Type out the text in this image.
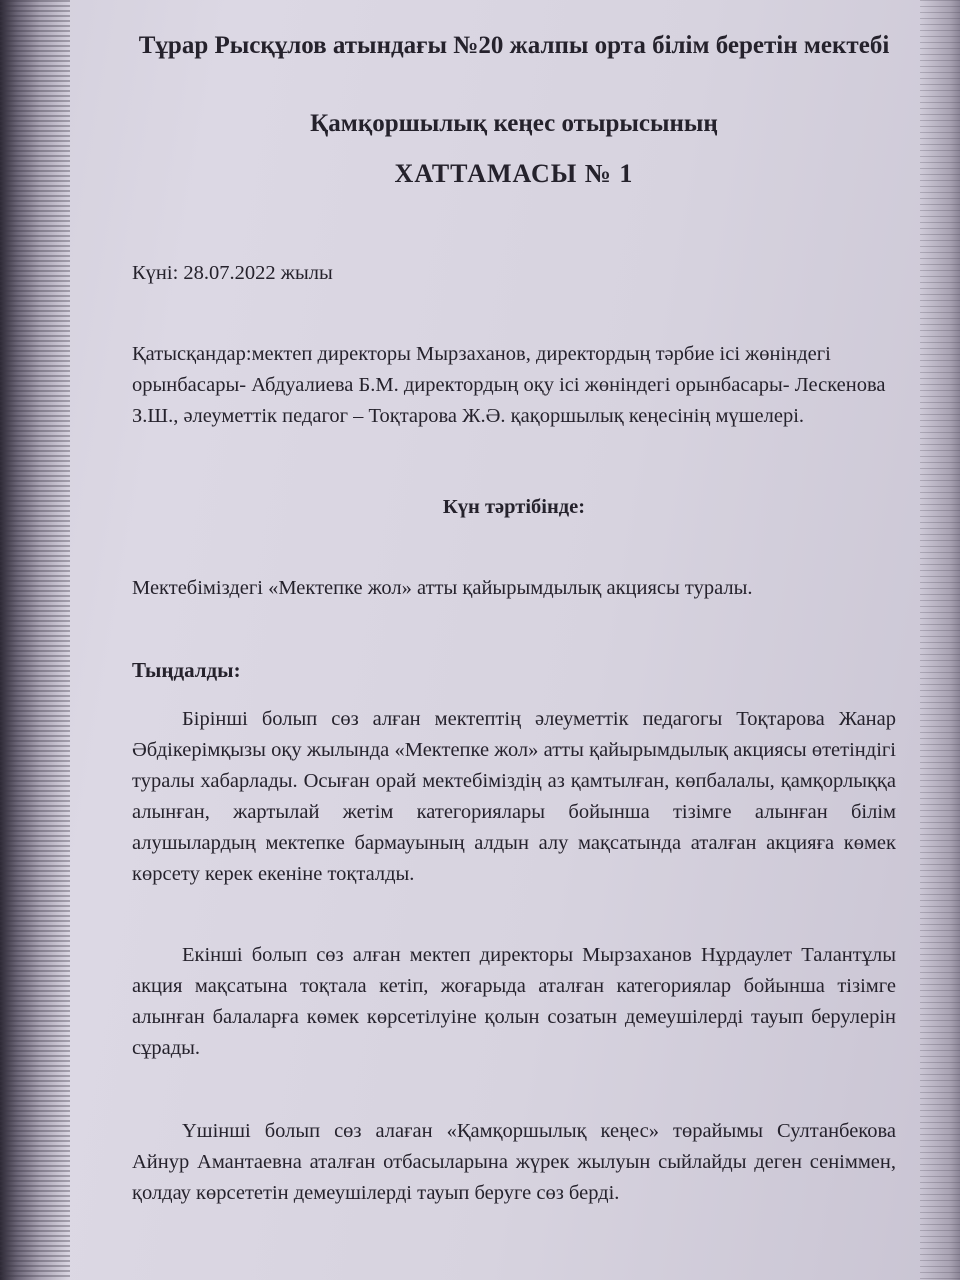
Тұрар Рысқұлов атындағы №20 жалпы орта білім беретін мектебі
Қамқоршылық кеңес отырысының
ХАТТАМАСЫ № 1

Күні: 28.07.2022 жылы

Қатысқандар:мектеп директоры Мырзаханов, директордың тәрбие ісі жөніндегі орынбасары- Абдуалиева Б.М. директордың оқу ісі жөніндегі орынбасары- Лескенова З.Ш., әлеуметтік педагог – Тоқтарова Ж.Ә. қақоршылық кеңесінің мүшелері.

Күн тәртібінде:

Мектебіміздегі «Мектепке жол» атты қайырымдылық акциясы туралы.

Тыңдалды:

Бірінші болып сөз алған мектептің әлеуметтік педагогы Тоқтарова Жанар Әбдікерімқызы оқу жылында «Мектепке жол» атты қайырымдылық акциясы өтетіндігі туралы хабарлады. Осыған орай мектебіміздің аз қамтылған, көпбалалы, қамқорлыққа алынған, жартылай жетім категориялары бойынша тізімге алынған білім алушылардың мектепке бармауының алдын алу мақсатында аталған акцияға көмек көрсету керек екеніне тоқталды.

Екінші болып сөз алған мектеп директоры Мырзаханов Нұрдаулет Талантұлы акция мақсатына тоқтала кетіп, жоғарыда аталған категориялар бойынша тізімге алынған балаларға көмек көрсетілуіне қолын созатын демеушілерді тауып берулерін сұрады.

Үшінші болып сөз алаған «Қамқоршылық кеңес» төрайымы Султанбекова Айнур Амантаевна аталған отбасыларына жүрек жылуын сыйлайды деген сеніммен, қолдау көрсететін демеушілерді тауып беруге сөз берді.
